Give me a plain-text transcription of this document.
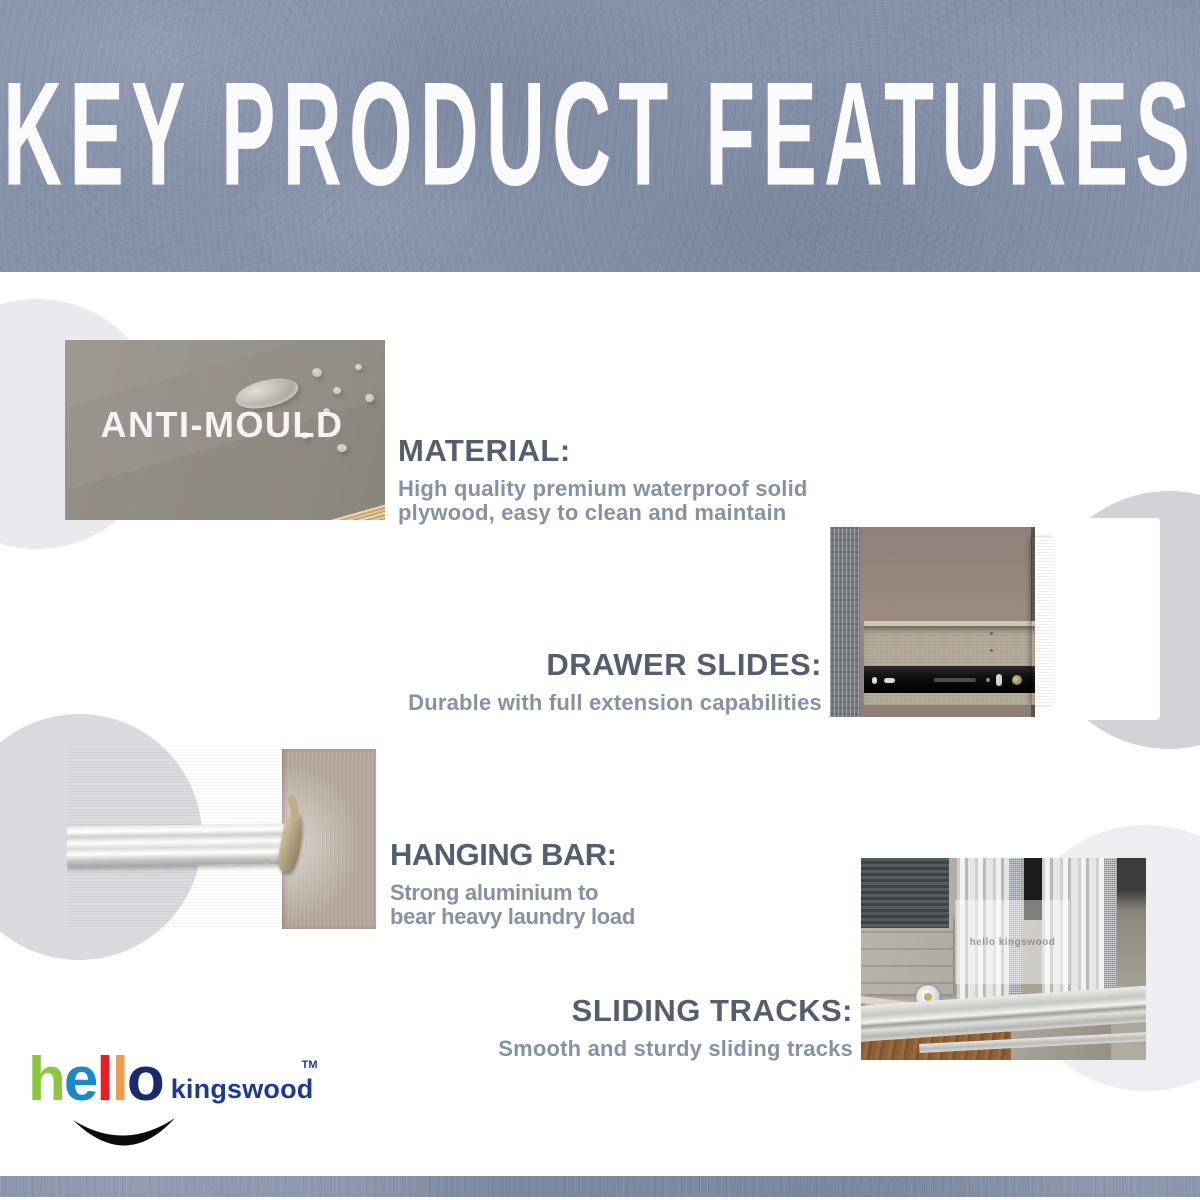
KEY PRODUCT FEATURES
ANTI-MOULD
MATERIAL:
High quality premium waterproof solid
plywood, easy to clean and maintain
DRAWER SLIDES:
Durable with full extension capabilities
HANGING BAR:
Strong aluminium to
bear heavy laundry load
hello kingswood
SLIDING TRACKS:
Smooth and sturdy sliding tracks
h e l l o	TM
kingswood
